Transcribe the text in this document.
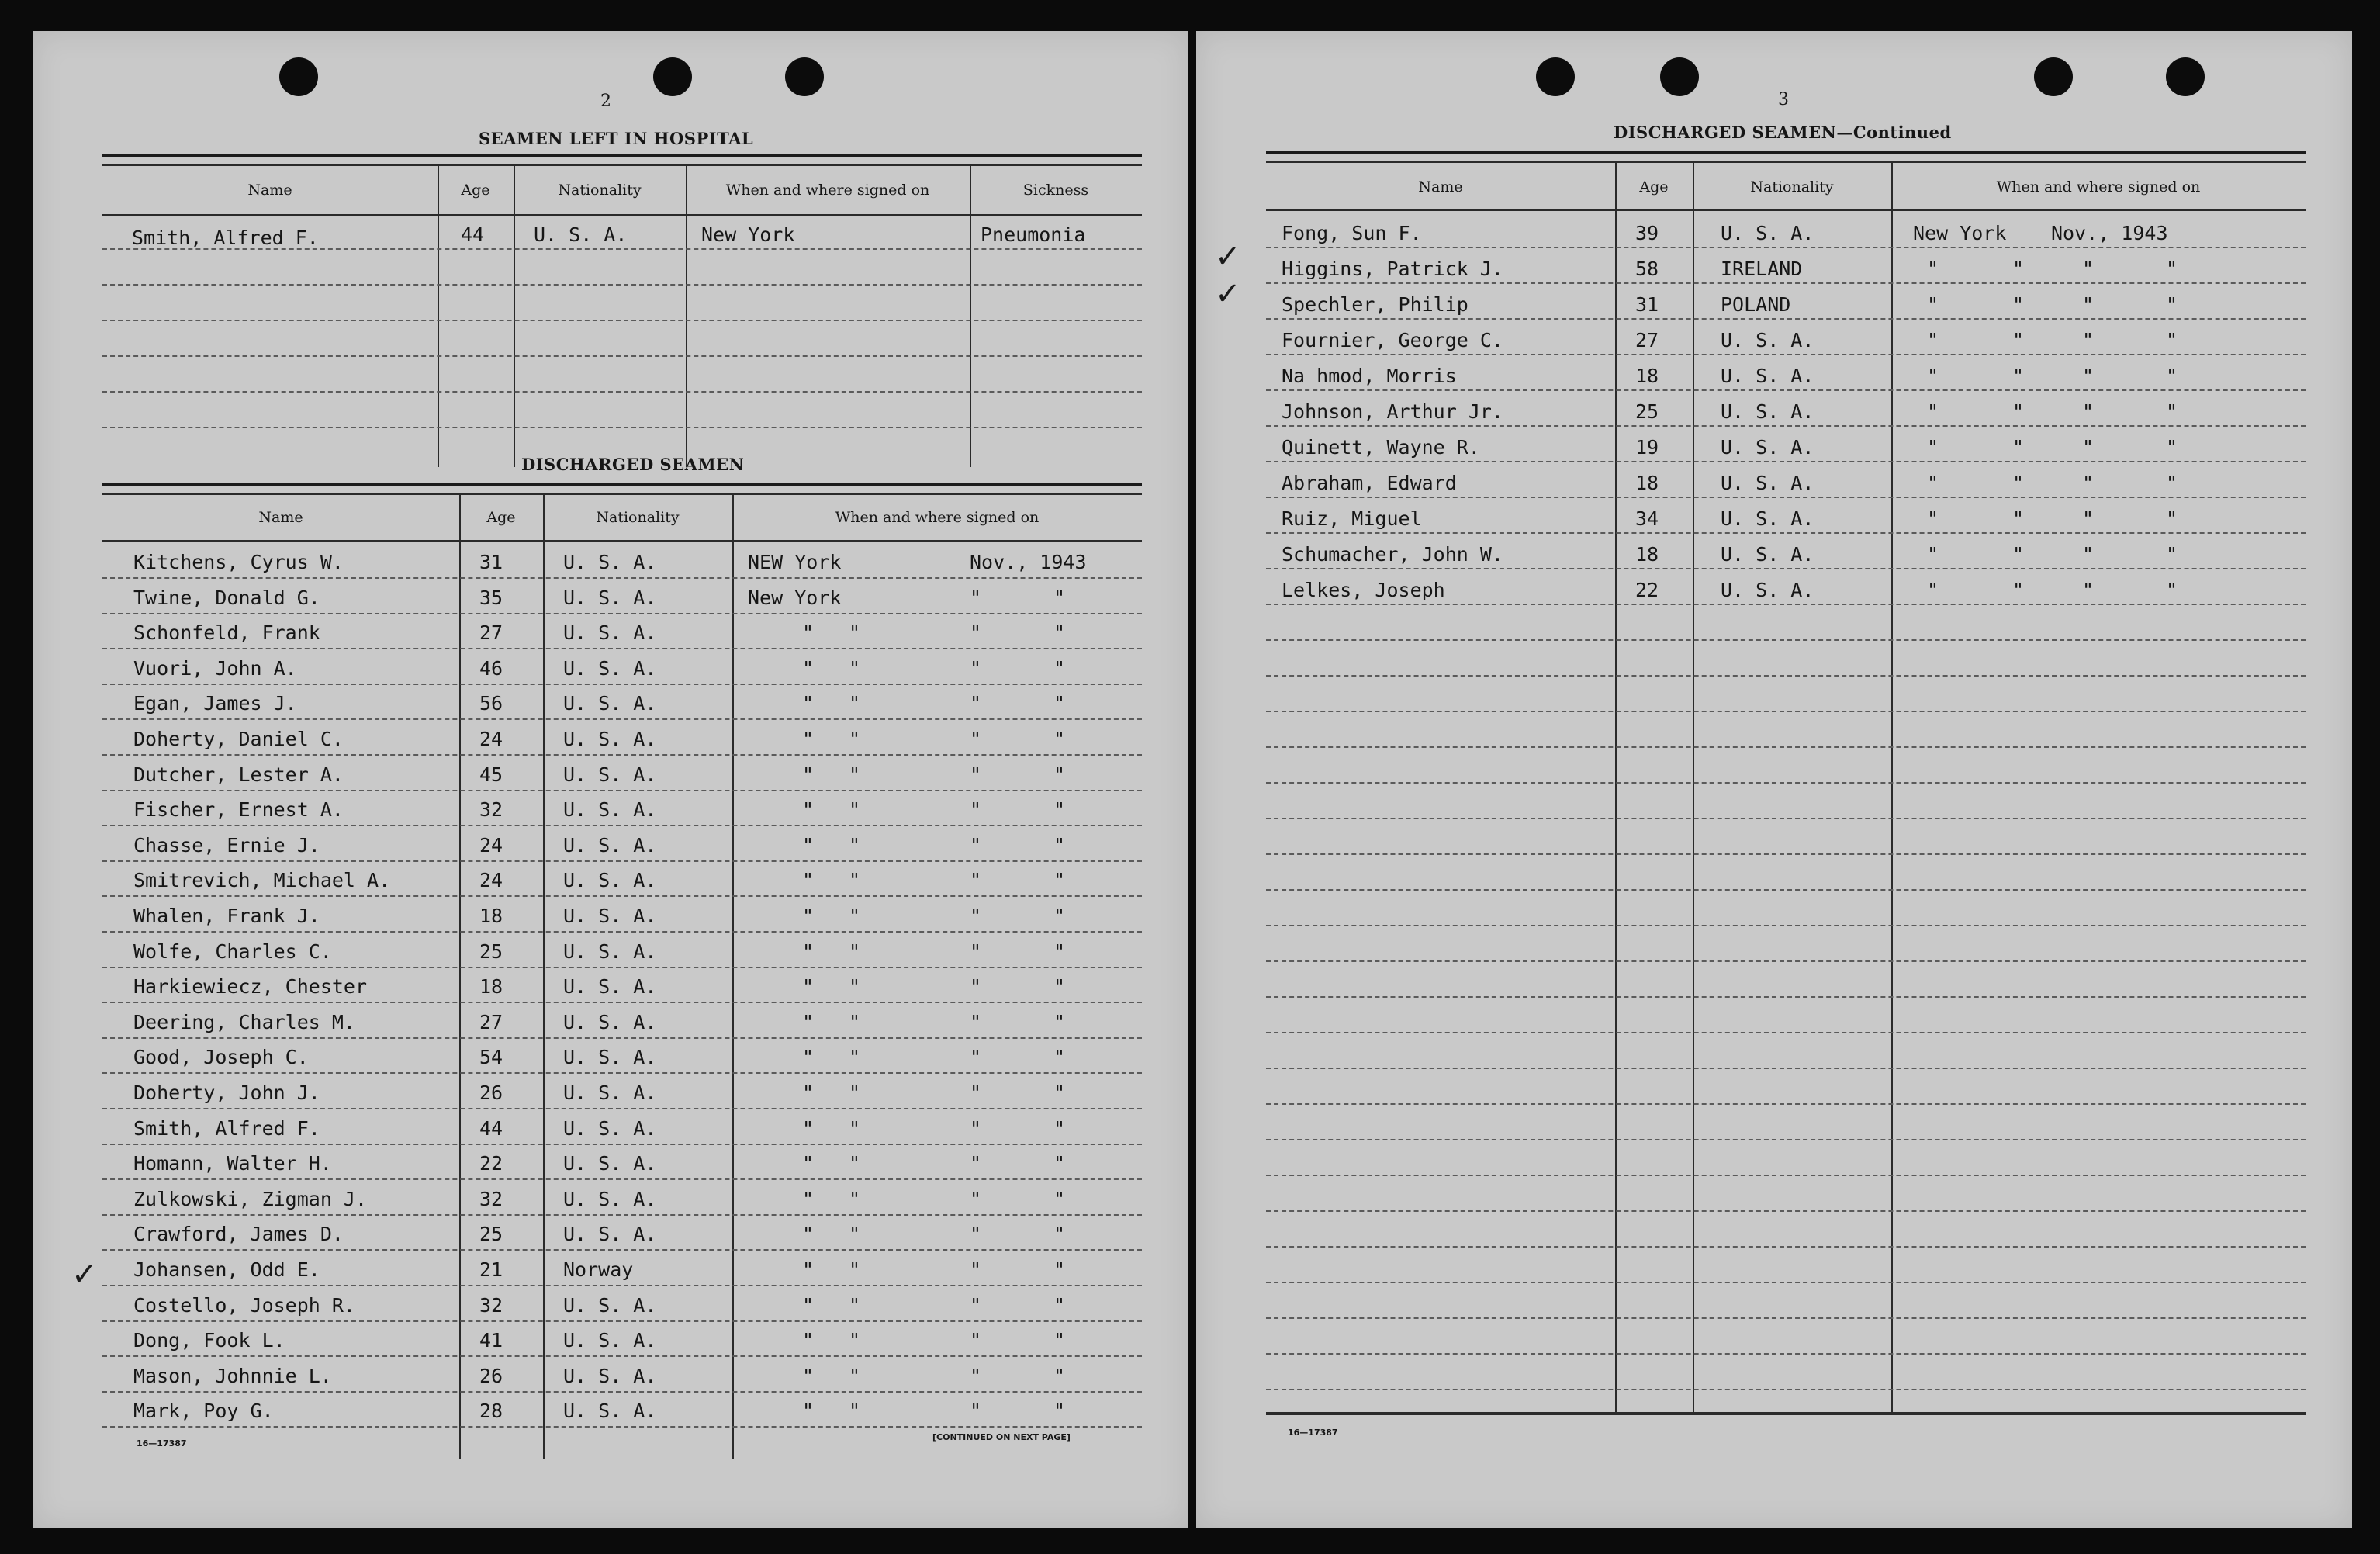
2
SEAMEN LEFT IN HOSPITAL
Name	Age	Nationality	When and where signed on	Sickness
Smith, Alfred F.	44	U. S. A.	New York	Pneumonia
DISCHARGED SEAMEN
Name	Age	Nationality	When and where signed on
Kitchens, Cyrus W.	31	U. S. A.	NEW York	Nov., 1943
Twine, Donald G.	35	U. S. A.	New York	"	"
Schonfeld, Frank	27	U. S. A.	" "	"	"
Vuori, John A.	46	U. S. A.	" "	"	"
Egan, James J.	56	U. S. A.	" "	"	"
Doherty, Daniel C.	24	U. S. A.	" "	"	"
Dutcher, Lester A.	45	U. S. A.	" "	"	"
Fischer, Ernest A.	32	U. S. A.	" "	"	"
Chasse, Ernie J.	24	U. S. A.	" "	"	"
Smitrevich, Michael A.	24	U. S. A.	" "	"	"
Whalen, Frank J.	18	U. S. A.	" "	"	"
Wolfe, Charles C.	25	U. S. A.	" "	"	"
Harkiewiecz, Chester	18	U. S. A.	" "	"	"
Deering, Charles M.	27	U. S. A.	" "	"	"
Good, Joseph C.	54	U. S. A.	" "	"	"
Doherty, John J.	26	U. S. A.	" "	"	"
Smith, Alfred F.	44	U. S. A.	" "	"	"
Homann, Walter H.	22	U. S. A.	" "	"	"
Zulkowski, Zigman J.	32	U. S. A.	" "	"	"
Crawford, James D.	25	U. S. A.	" "	"	"
Johansen, Odd E.	21	Norway	" "	"	"
Costello, Joseph R.	32	U. S. A.	" "	"	"
Dong, Fook L.	41	U. S. A.	" "	"	"
Mason, Johnnie L.	26	U. S. A.	" "	"	"
Mark, Poy G.	28	U. S. A.	" "	"	"
16—17387
[CONTINUED ON NEXT PAGE]
✓
3
DISCHARGED SEAMEN—Continued
Name	Age	Nationality	When and where signed on
Fong, Sun F.	39	U. S. A.	New York Nov., 1943
Higgins, Patrick J.	58	IRELAND	"	"	"	"
Spechler, Philip	31	POLAND	"	"	"	"
Fournier, George C.	27	U. S. A.	"	"	"	"
Na hmod, Morris	18	U. S. A.	"	"	"	"
Johnson, Arthur Jr.	25	U. S. A.	"	"	"	"
Quinett, Wayne R.	19	U. S. A.	"	"	"	"
Abraham, Edward	18	U. S. A.	"	"	"	"
Ruiz, Miguel	34	U. S. A.	"	"	"	"
Schumacher, John W.	18	U. S. A.	"	"	"	"
Lelkes, Joseph	22	U. S. A.	"	"	"	"
16—17387
✓
✓
